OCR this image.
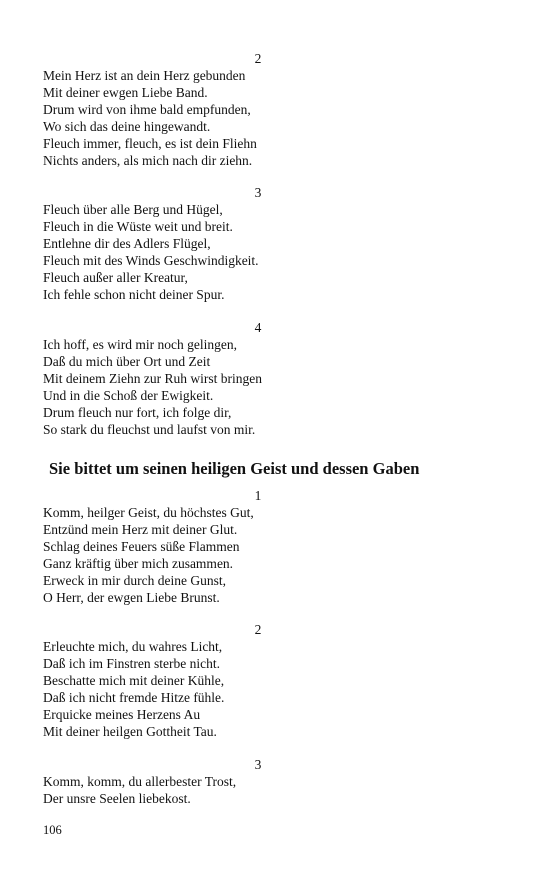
2
Mein Herz ist an dein Herz gebunden
Mit deiner ewgen Liebe Band.
Drum wird von ihme bald empfunden,
Wo sich das deine hingewandt.
Fleuch immer, fleuch, es ist dein Fliehn
Nichts anders, als mich nach dir ziehn.
3
Fleuch über alle Berg und Hügel,
Fleuch in die Wüste weit und breit.
Entlehne dir des Adlers Flügel,
Fleuch mit des Winds Geschwindigkeit.
Fleuch außer aller Kreatur,
Ich fehle schon nicht deiner Spur.
4
Ich hoff, es wird mir noch gelingen,
Daß du mich über Ort und Zeit
Mit deinem Ziehn zur Ruh wirst bringen
Und in die Schoß der Ewigkeit.
Drum fleuch nur fort, ich folge dir,
So stark du fleuchst und laufst von mir.
Sie bittet um seinen heiligen Geist und dessen Gaben
1
Komm, heilger Geist, du höchstes Gut,
Entzünd mein Herz mit deiner Glut.
Schlag deines Feuers süße Flammen
Ganz kräftig über mich zusammen.
Erweck in mir durch deine Gunst,
O Herr, der ewgen Liebe Brunst.
2
Erleuchte mich, du wahres Licht,
Daß ich im Finstren sterbe nicht.
Beschatte mich mit deiner Kühle,
Daß ich nicht fremde Hitze fühle.
Erquicke meines Herzens Au
Mit deiner heilgen Gottheit Tau.
3
Komm, komm, du allerbester Trost,
Der unsre Seelen liebekost.
106
